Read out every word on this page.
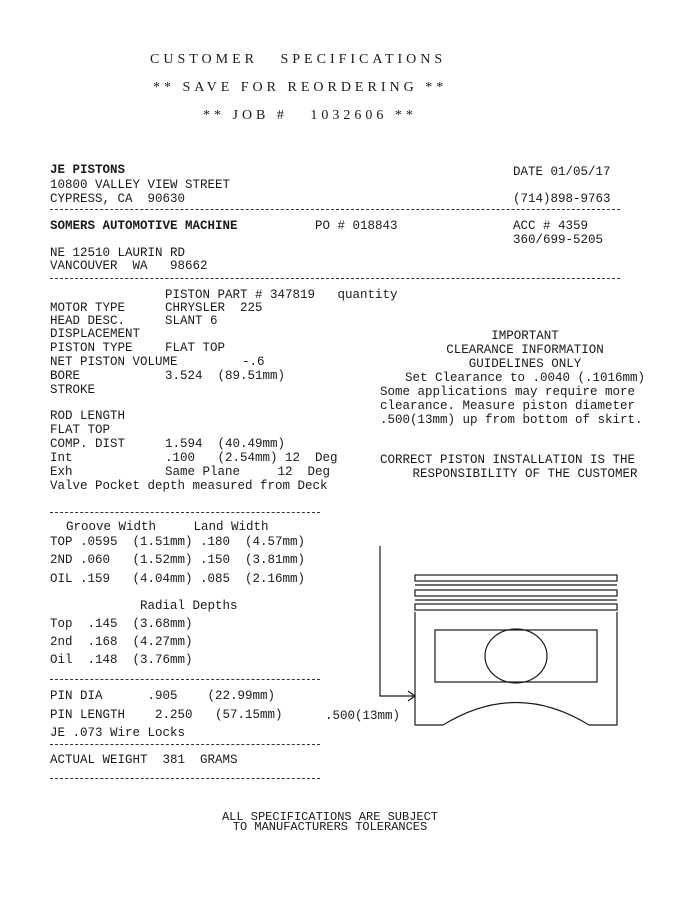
CUSTOMER   SPECIFICATIONS
** SAVE FOR REORDERING **
** JOB #   1032606 **
JE PISTONS
10800 VALLEY VIEW STREET
CYPRESS, CA  90630
DATE 01/05/17
(714)898-9763
SOMERS AUTOMOTIVE MACHINE	PO # 018843	ACC # 4359
360/699-5205
NE 12510 LAURIN RD
VANCOUVER  WA   98662
PISTON PART # 347819   quantity
MOTOR TYPE	CHRYSLER  225
HEAD DESC.	SLANT 6
DISPLACEMENT
PISTON TYPE	FLAT TOP
NET PISTON VOLUME	-.6
BORE	3.524  (89.51mm)
STROKE
ROD LENGTH
FLAT TOP
COMP. DIST	1.594  (40.49mm)
Int	.100   (2.54mm) 12  Deg
Exh	Same Plane     12  Deg
Valve Pocket depth measured from Deck
IMPORTANT
CLEARANCE INFORMATION
GUIDELINES ONLY
Set Clearance to .0040 (.1016mm)
Some applications may require more
clearance. Measure piston diameter
.500(13mm) up from bottom of skirt.
CORRECT PISTON INSTALLATION IS THE
RESPONSIBILITY OF THE CUSTOMER
Groove Width     Land Width
TOP .0595  (1.51mm) .180  (4.57mm)
2ND .060   (1.52mm) .150  (3.81mm)
OIL .159   (4.04mm) .085  (2.16mm)
Radial Depths
Top  .145  (3.68mm)
2nd  .168  (4.27mm)
Oil  .148  (3.76mm)
PIN DIA      .905    (22.99mm)
PIN LENGTH    2.250   (57.15mm)	.500(13mm)
JE .073 Wire Locks
ACTUAL WEIGHT  381  GRAMS
ALL SPECIFICATIONS ARE SUBJECT
TO MANUFACTURERS TOLERANCES
